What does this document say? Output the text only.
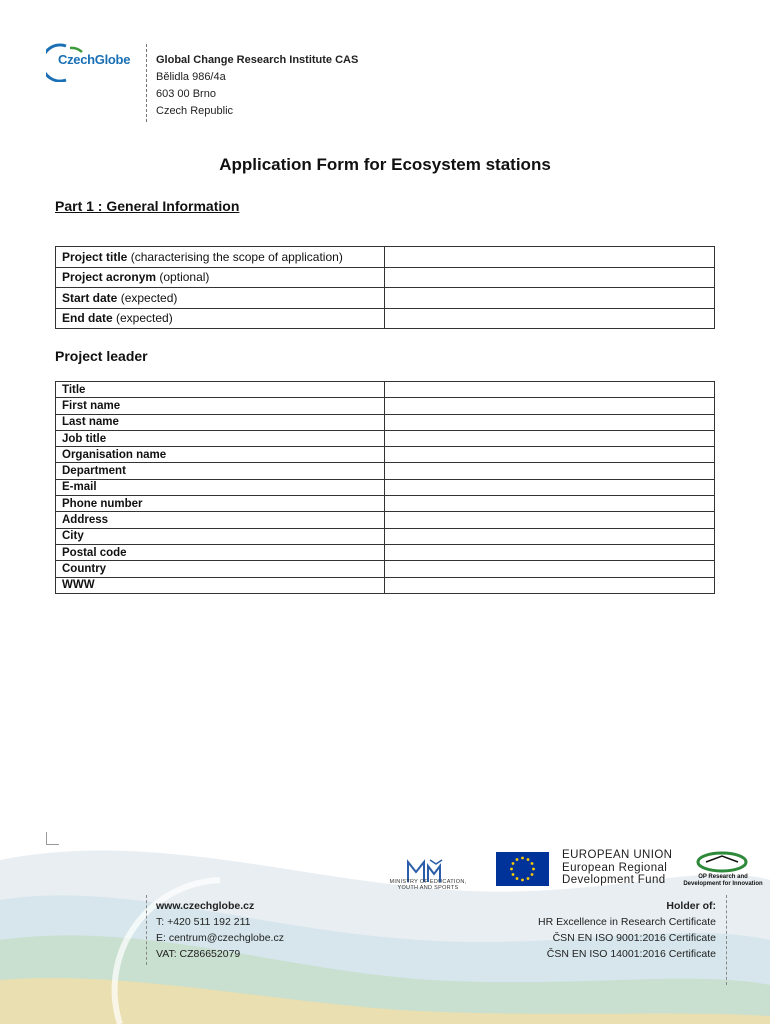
CzechGlobe Global Change Research Institute CAS
Bělidla 986/4a
603 00 Brno
Czech Republic
Application Form for Ecosystem stations
Part 1 : General Information
Project title (characterising the scope of application)	
Project acronym (optional)	
Start date (expected)	
End date (expected)	
Project leader
Title	
First name	
Last name	
Job title	
Organisation name	
Department	
E-mail	
Phone number	
Address	
City	
Postal code	
Country	
WWW	
MINISTRY OF EDUCATION, YOUTH AND SPORTS
EUROPEAN UNION
European Regional
Development Fund	OP Research and
Development for Innovation
www.czechglobe.cz
T: +420 511 192 211
E: centrum@czechglobe.cz
VAT: CZ86652079
Holder of:
HR Excellence in Research Certificate
ČSN EN ISO 9001:2016 Certificate
ČSN EN ISO 14001:2016 Certificate
